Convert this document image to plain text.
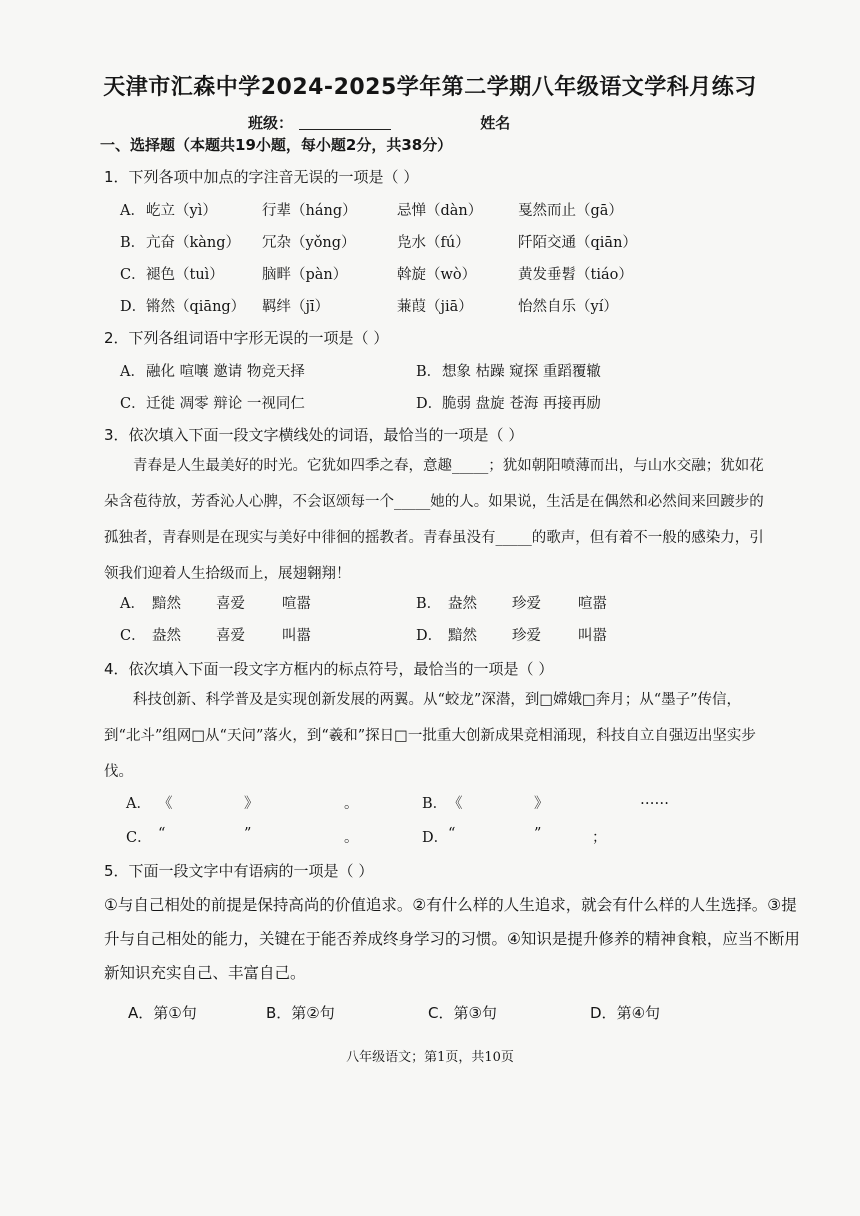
天津市汇森中学2024-2025学年第二学期八年级语文学科月练习
班级：	姓名
一、选择题（本题共19小题，每小题2分，共38分）
1．下列各项中加点的字注音无误的一项是（ ）
A． 屹立（yì）	行辈（háng）	忌惮（dàn） 戛然而止（gā）
B． 亢奋（kàng） 冗杂（yǒng）	凫水（fú）	阡陌交通（qiān）
C． 褪色（tuì）	脑畔（pàn）	斡旋（wò）	黄发垂髫（tiáo）
D． 锵然（qiāng） 羁绊（jī）	蒹葭（jiā）	怡然自乐（yí）
2．下列各组词语中字形无误的一项是（ ）
A． 融化 喧嚷 邀请 物竞天择	B． 想象 枯躁 窥探 重蹈覆辙
C． 迁徙 凋零 辩论 一视同仁	D． 脆弱 盘旋 苍海 再接再励
3．依次填入下面一段文字横线处的词语，最恰当的一项是（ ）
青春是人生最美好的时光。它犹如四季之春，意趣_____；犹如朝阳喷薄而出，与山水交融；犹如花朵含苞待放，芳香沁人心脾，不会讴颂每一个_____她的人。如果说，生活是在偶然和必然间来回踱步的孤独者，青春则是在现实与美好中徘徊的摇教者。青春虽没有_____的歌声，但有着不一般的感染力，引领我们迎着人生拾级而上，展翅翱翔！
A． 黯然 喜爱	喧嚣	B． 盎然 珍爱	喧嚣
C． 盎然 喜爱	叫嚣	D． 黯然 珍爱	叫嚣
4．依次填入下面一段文字方框内的标点符号，最恰当的一项是（ ）
科技创新、科学普及是实现创新发展的两翼。从“蛟龙”深潜，到□嫦娥□奔月；从“墨子”传信，到“北斗”组网□从“天问”落火，到“羲和”探日□一批重大创新成果竞相涌现，科技自立自强迈出坚实步伐。
A． 《	》	。	B． 《	》	……
C． “	”	。	D． “	”	；
5．下面一段文字中有语病的一项是（ ）
①与自己相处的前提是保持高尚的价值追求。②有什么样的人生追求，就会有什么样的人生选择。③提升与自己相处的能力，关键在于能否养成终身学习的习惯。④知识是提升修养的精神食粮，应当不断用新知识充实自己、丰富自己。
A．第①句	B．第②句	C．第③句	D．第④句
八年级语文；第1页，共10页
